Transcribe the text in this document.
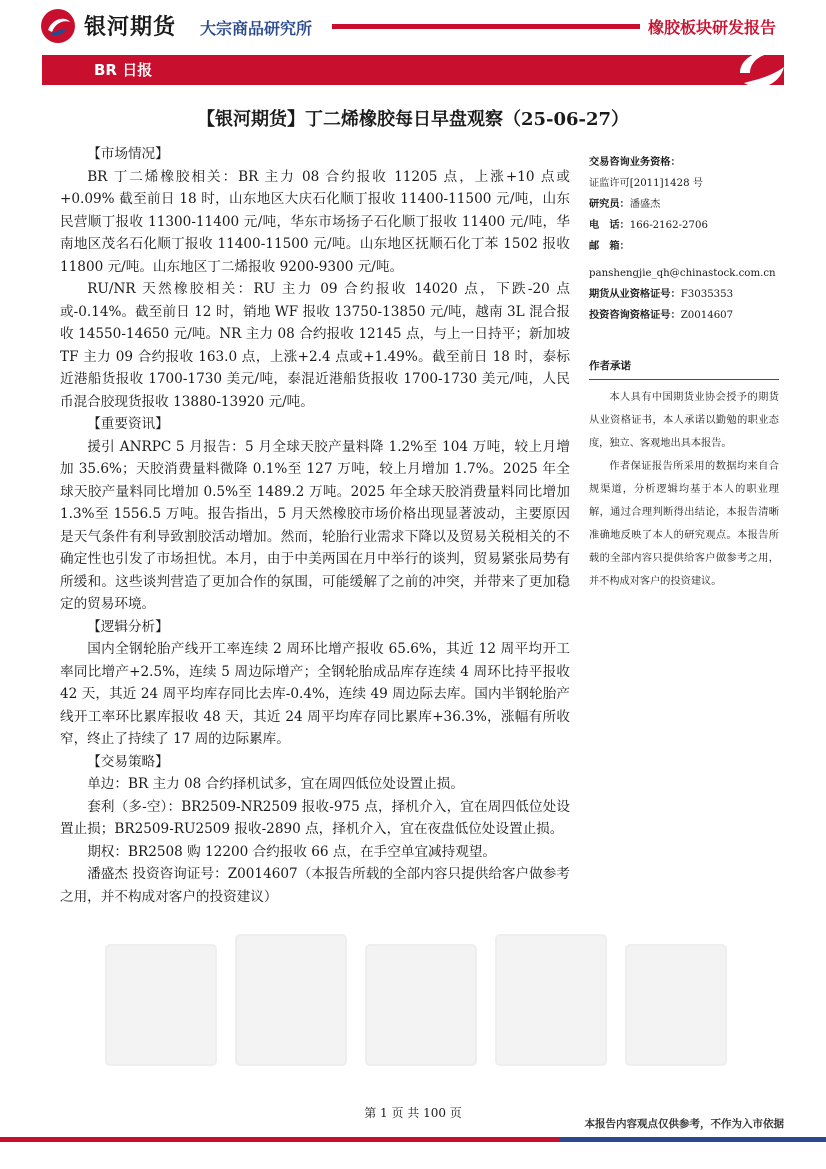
银河期货 大宗商品研究所	橡胶板块研发报告
BR 日报
【银河期货】丁二烯橡胶每日早盘观察（25-06-27）
【市场情况】

BR 丁二烯橡胶相关：BR 主力 08 合约报收 11205 点，上涨+10 点或+0.09% 截至前日 18 时，山东地区大庆石化顺丁报收 11400-11500 元/吨，山东民营顺丁报收 11300-11400 元/吨，华东市场扬子石化顺丁报收 11400 元/吨，华南地区茂名石化顺丁报收 11400-11500 元/吨。山东地区抚顺石化丁苯 1502 报收 11800 元/吨。山东地区丁二烯报收 9200-9300 元/吨。

RU/NR 天然橡胶相关：RU 主力 09 合约报收 14020 点，下跌-20 点或-0.14%。截至前日 12 时，销地 WF 报收 13750-13850 元/吨，越南 3L 混合报收 14550-14650 元/吨。NR 主力 08 合约报收 12145 点，与上一日持平；新加坡 TF 主力 09 合约报收 163.0 点，上涨+2.4 点或+1.49%。截至前日 18 时，泰标近港船货报收 1700-1730 美元/吨，泰混近港船货报收 1700-1730 美元/吨，人民币混合胶现货报收 13880-13920 元/吨。

【重要资讯】

援引 ANRPC 5 月报告：5 月全球天胶产量料降 1.2%至 104 万吨，较上月增加 35.6%；天胶消费量料微降 0.1%至 127 万吨，较上月增加 1.7%。2025 年全球天胶产量料同比增加 0.5%至 1489.2 万吨。2025 年全球天胶消费量料同比增加 1.3%至 1556.5 万吨。报告指出，5 月天然橡胶市场价格出现显著波动，主要原因是天气条件有利导致割胶活动增加。然而，轮胎行业需求下降以及贸易关税相关的不确定性也引发了市场担忧。本月，由于中美两国在月中举行的谈判，贸易紧张局势有所缓和。这些谈判营造了更加合作的氛围，可能缓解了之前的冲突，并带来了更加稳定的贸易环境。

【逻辑分析】

国内全钢轮胎产线开工率连续 2 周环比增产报收 65.6%，其近 12 周平均开工率同比增产+2.5%，连续 5 周边际增产；全钢轮胎成品库存连续 4 周环比持平报收 42 天，其近 24 周平均库存同比去库-0.4%，连续 49 周边际去库。国内半钢轮胎产线开工率环比累库报收 48 天，其近 24 周平均库存同比累库+36.3%，涨幅有所收窄，终止了持续了 17 周的边际累库。

【交易策略】

单边：BR 主力 08 合约择机试多，宜在周四低位处设置止损。

套利（多-空）：BR2509-NR2509 报收-975 点，择机介入，宜在周四低位处设置止损；BR2509-RU2509 报收-2890 点，择机介入，宜在夜盘低位处设置止损。

期权：BR2508 购 12200 合约报收 66 点，在手空单宜减持观望。

潘盛杰 投资咨询证号：Z0014607（本报告所载的全部内容只提供给客户做参考之用，并不构成对客户的投资建议）

交易咨询业务资格：
证监许可[2011]1428 号
研究员：潘盛杰
电　话：166-2162-2706
邮　箱：
panshengjie_qh@chinastock.com.cn
期货从业资格证号：F3035353
投资咨询资格证号：Z0014607
作者承诺
本人具有中国期货业协会授予的期货从业资格证书，本人承诺以勤勉的职业态度，独立、客观地出具本报告。
作者保证报告所采用的数据均来自合规渠道，分析逻辑均基于本人的职业理解，通过合理判断得出结论，本报告清晰准确地反映了本人的研究观点。本报告所载的全部内容只提供给客户做参考之用，并不构成对客户的投资建议。
第 1 页 共 100 页
本报告内容观点仅供参考，不作为入市依据
